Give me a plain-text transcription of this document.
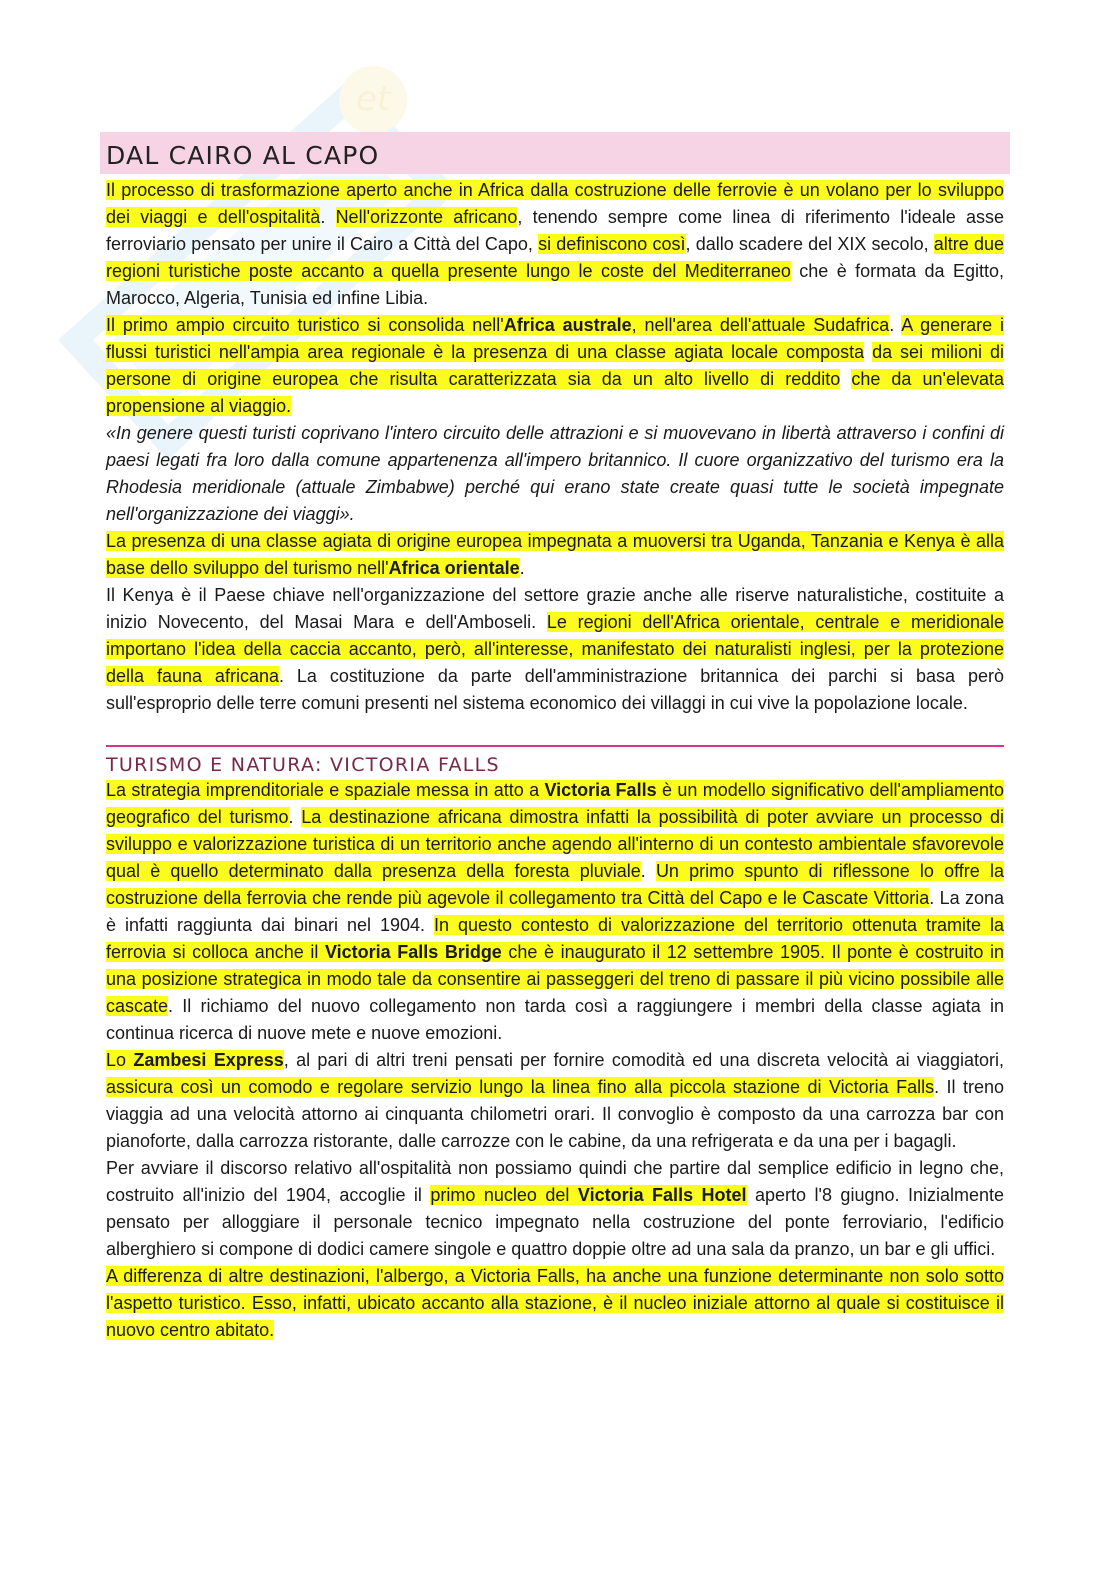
et
DAL CAIRO AL CAPO

Il processo di trasformazione aperto anche in Africa dalla costruzione delle ferrovie è un volano per lo sviluppo dei viaggi e dell'ospitalità. Nell'orizzonte africano, tenendo sempre come linea di riferimento l'ideale asse ferroviario pensato per unire il Cairo a Città del Capo, si definiscono così, dallo scadere del XIX secolo, altre due regioni turistiche poste accanto a quella presente lungo le coste del Mediterraneo che è formata da Egitto, Marocco, Algeria, Tunisia ed infine Libia.

Il primo ampio circuito turistico si consolida nell'Africa australe, nell'area dell'attuale Sudafrica. A generare i flussi turistici nell'ampia area regionale è la presenza di una classe agiata locale composta da sei milioni di persone di origine europea che risulta caratterizzata sia da un alto livello di reddito che da un'elevata propensione al viaggio.

«In genere questi turisti coprivano l'intero circuito delle attrazioni e si muovevano in libertà attraverso i confini di paesi legati fra loro dalla comune appartenenza all'impero britannico. Il cuore organizzativo del turismo era la Rhodesia meridionale (attuale Zimbabwe) perché qui erano state create quasi tutte le società impegnate nell'organizzazione dei viaggi».

La presenza di una classe agiata di origine europea impegnata a muoversi tra Uganda, Tanzania e Kenya è alla base dello sviluppo del turismo nell'Africa orientale.

Il Kenya è il Paese chiave nell'organizzazione del settore grazie anche alle riserve naturalistiche, costituite a inizio Novecento, del Masai Mara e dell'Amboseli. Le regioni dell'Africa orientale, centrale e meridionale importano l'idea della caccia accanto, però, all'interesse, manifestato dei naturalisti inglesi, per la protezione della fauna africana. La costituzione da parte dell'amministrazione britannica dei parchi si basa però sull'esproprio delle terre comuni presenti nel sistema economico dei villaggi in cui vive la popolazione locale.

TURISMO E NATURA: VICTORIA FALLS

La strategia imprenditoriale e spaziale messa in atto a Victoria Falls è un modello significativo dell'ampliamento geografico del turismo. La destinazione africana dimostra infatti la possibilità di poter avviare un processo di sviluppo e valorizzazione turistica di un territorio anche agendo all'interno di un contesto ambientale sfavorevole qual è quello determinato dalla presenza della foresta pluviale. Un primo spunto di riflessone lo offre la costruzione della ferrovia che rende più agevole il collegamento tra Città del Capo e le Cascate Vittoria. La zona è infatti raggiunta dai binari nel 1904. In questo contesto di valorizzazione del territorio ottenuta tramite la ferrovia si colloca anche il Victoria Falls Bridge che è inaugurato il 12 settembre 1905. Il ponte è costruito in una posizione strategica in modo tale da consentire ai passeggeri del treno di passare il più vicino possibile alle cascate. Il richiamo del nuovo collegamento non tarda così a raggiungere i membri della classe agiata in continua ricerca di nuove mete e nuove emozioni.

Lo Zambesi Express, al pari di altri treni pensati per fornire comodità ed una discreta velocità ai viaggiatori, assicura così un comodo e regolare servizio lungo la linea fino alla piccola stazione di Victoria Falls. Il treno viaggia ad una velocità attorno ai cinquanta chilometri orari. Il convoglio è composto da una carrozza bar con pianoforte, dalla carrozza ristorante, dalle carrozze con le cabine, da una refrigerata e da una per i bagagli.

Per avviare il discorso relativo all'ospitalità non possiamo quindi che partire dal semplice edificio in legno che, costruito all'inizio del 1904, accoglie il primo nucleo del Victoria Falls Hotel aperto l'8 giugno. Inizialmente pensato per alloggiare il personale tecnico impegnato nella costruzione del ponte ferroviario, l'edificio alberghiero si compone di dodici camere singole e quattro doppie oltre ad una sala da pranzo, un bar e gli uffici.

A differenza di altre destinazioni, l'albergo, a Victoria Falls, ha anche una funzione determinante non solo sotto l'aspetto turistico. Esso, infatti, ubicato accanto alla stazione, è il nucleo iniziale attorno al quale si costituisce il nuovo centro abitato.
